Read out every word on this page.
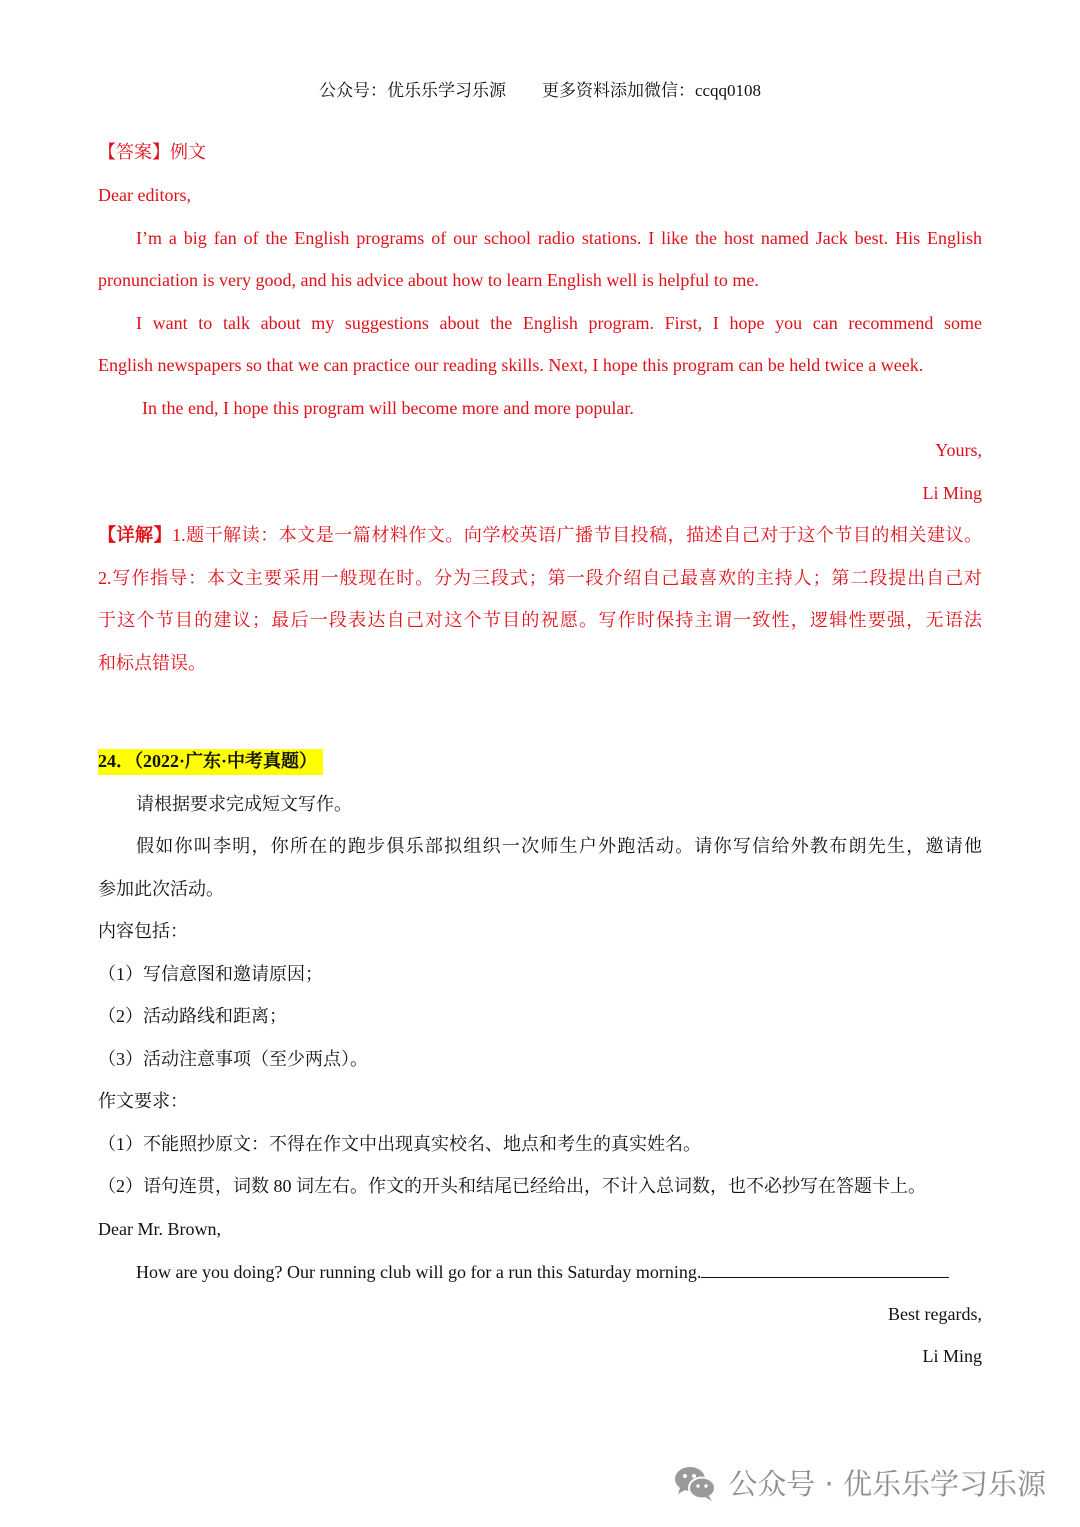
公众号：优乐乐学习乐源 更多资料添加微信：ccqq0108
【答案】例文
Dear editors,
I’m a big fan of the English programs of our school radio stations. I like the host named Jack best. His English
pronunciation is very good, and his advice about how to learn English well is helpful to me.
I want to talk about my suggestions about the English program. First, I hope you can recommend some
English newspapers so that we can practice our reading skills. Next, I hope this program can be held twice a week.
In the end, I hope this program will become more and more popular.
Yours,
Li Ming
【详解】1.题干解读：本文是一篇材料作文。向学校英语广播节目投稿，描述自己对于这个节目的相关建议。
2.写作指导：本文主要采用一般现在时。分为三段式；第一段介绍自己最喜欢的主持人；第二段提出自己对
于这个节目的建议；最后一段表达自己对这个节目的祝愿。写作时保持主谓一致性，逻辑性要强，无语法
和标点错误。
24．（2022·广东·中考真题）
请根据要求完成短文写作。
假如你叫李明，你所在的跑步俱乐部拟组织一次师生户外跑活动。请你写信给外教布朗先生，邀请他
参加此次活动。
内容包括：
（1）写信意图和邀请原因；
（2）活动路线和距离；
（3）活动注意事项（至少两点）。
作文要求：
（1）不能照抄原文：不得在作文中出现真实校名、地点和考生的真实姓名。
（2）语句连贯，词数 80 词左右。作文的开头和结尾已经给出，不计入总词数，也不必抄写在答题卡上。
Dear Mr. Brown,
How are you doing? Our running club will go for a run this Saturday morning.
Best regards,
Li Ming
公众号 · 优乐乐学习乐源
